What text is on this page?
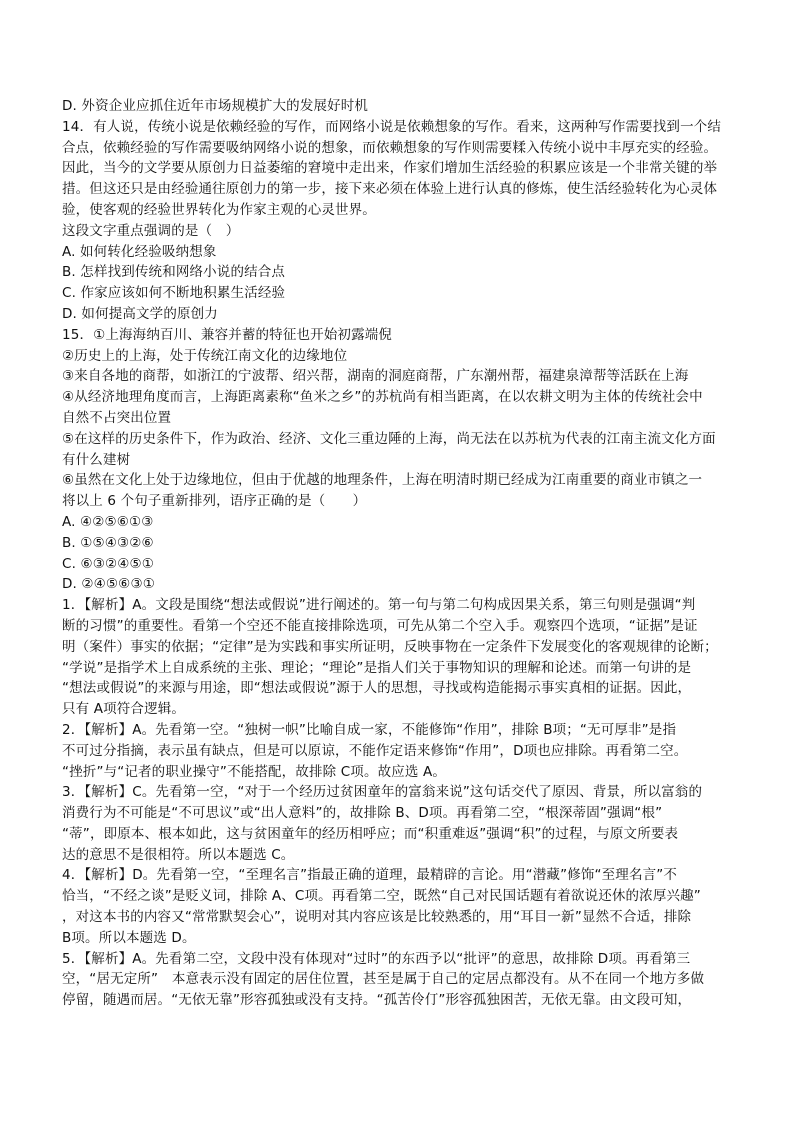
D. 外资企业应抓住近年市场规模扩大的发展好时机
14．有人说，传统小说是依赖经验的写作，而网络小说是依赖想象的写作。看来，这两种写作需要找到一个结
合点，依赖经验的写作需要吸纳网络小说的想象，而依赖想象的写作则需要糅入传统小说中丰厚充实的经验。
因此，当今的文学要从原创力日益萎缩的窘境中走出来，作家们增加生活经验的积累应该是一个非常关键的举
措。但这还只是由经验通往原创力的第一步，接下来必须在体验上进行认真的修炼，使生活经验转化为心灵体
验，使客观的经验世界转化为作家主观的心灵世界。
这段文字重点强调的是（　）
A. 如何转化经验吸纳想象
B. 怎样找到传统和网络小说的结合点
C. 作家应该如何不断地积累生活经验
D. 如何提高文学的原创力
15．①上海海纳百川、兼容并蓄的特征也开始初露端倪
②历史上的上海，处于传统江南文化的边缘地位
③来自各地的商帮，如浙江的宁波帮、绍兴帮，湖南的洞庭商帮，广东潮州帮，福建泉漳帮等活跃在上海
④从经济地理角度而言，上海距离素称“鱼米之乡”的苏杭尚有相当距离，在以农耕文明为主体的传统社会中
自然不占突出位置
⑤在这样的历史条件下，作为政治、经济、文化三重边陲的上海，尚无法在以苏杭为代表的江南主流文化方面
有什么建树
⑥虽然在文化上处于边缘地位，但由于优越的地理条件，上海在明清时期已经成为江南重要的商业市镇之一
将以上 6 个句子重新排列，语序正确的是（　　）
A. ④②⑤⑥①③
B. ①⑤④③②⑥
C. ⑥③②④⑤①
D. ②④⑤⑥③①
1．【解析】A。文段是围绕“想法或假说”进行阐述的。第一句与第二句构成因果关系，第三句则是强调“判
断的习惯”的重要性。看第一个空还不能直接排除选项，可先从第二个空入手。观察四个选项，“证据”是证
明（案件）事实的依据；“定律”是为实践和事实所证明，反映事物在一定条件下发展变化的客观规律的论断；
“学说”是指学术上自成系统的主张、理论；“理论”是指人们关于事物知识的理解和论述。而第一句讲的是
“想法或假说”的来源与用途，即“想法或假说”源于人的思想，寻找或构造能揭示事实真相的证据。因此，
只有 A项符合逻辑。
2．【解析】A。先看第一空。“独树一帜”比喻自成一家，不能修饰“作用”，排除 B项；“无可厚非”是指
不可过分指摘，表示虽有缺点，但是可以原谅，不能作定语来修饰“作用”，D项也应排除。再看第二空。
“挫折”与“记者的职业操守”不能搭配，故排除 C项。故应选 A。
3．【解析】C。先看第一空，“对于一个经历过贫困童年的富翁来说”这句话交代了原因、背景，所以富翁的
消费行为不可能是“不可思议”或“出人意料”的，故排除 B、D项。再看第二空，“根深蒂固”强调“根”
“蒂”，即原本、根本如此，这与贫困童年的经历相呼应；而“积重难返”强调“积”的过程，与原文所要表
达的意思不是很相符。所以本题选 C。
4．【解析】D。先看第一空，“至理名言”指最正确的道理，最精辟的言论。用“潜藏”修饰“至理名言”不
恰当，“不经之谈”是贬义词，排除 A、C项。再看第二空，既然“自己对民国话题有着欲说还休的浓厚兴趣”
，对这本书的内容又“常常默契会心”，说明对其内容应该是比较熟悉的，用“耳目一新”显然不合适，排除
B项。所以本题选 D。
5．【解析】A。先看第二空，文段中没有体现对“过时”的东西予以“批评”的意思，故排除 D项。再看第三
空，“居无定所”　本意表示没有固定的居住位置，甚至是属于自己的定居点都没有。从不在同一个地方多做
停留，随遇而居。“无依无靠”形容孤独或没有支持。“孤苦伶仃”形容孤独困苦，无依无靠。由文段可知，
